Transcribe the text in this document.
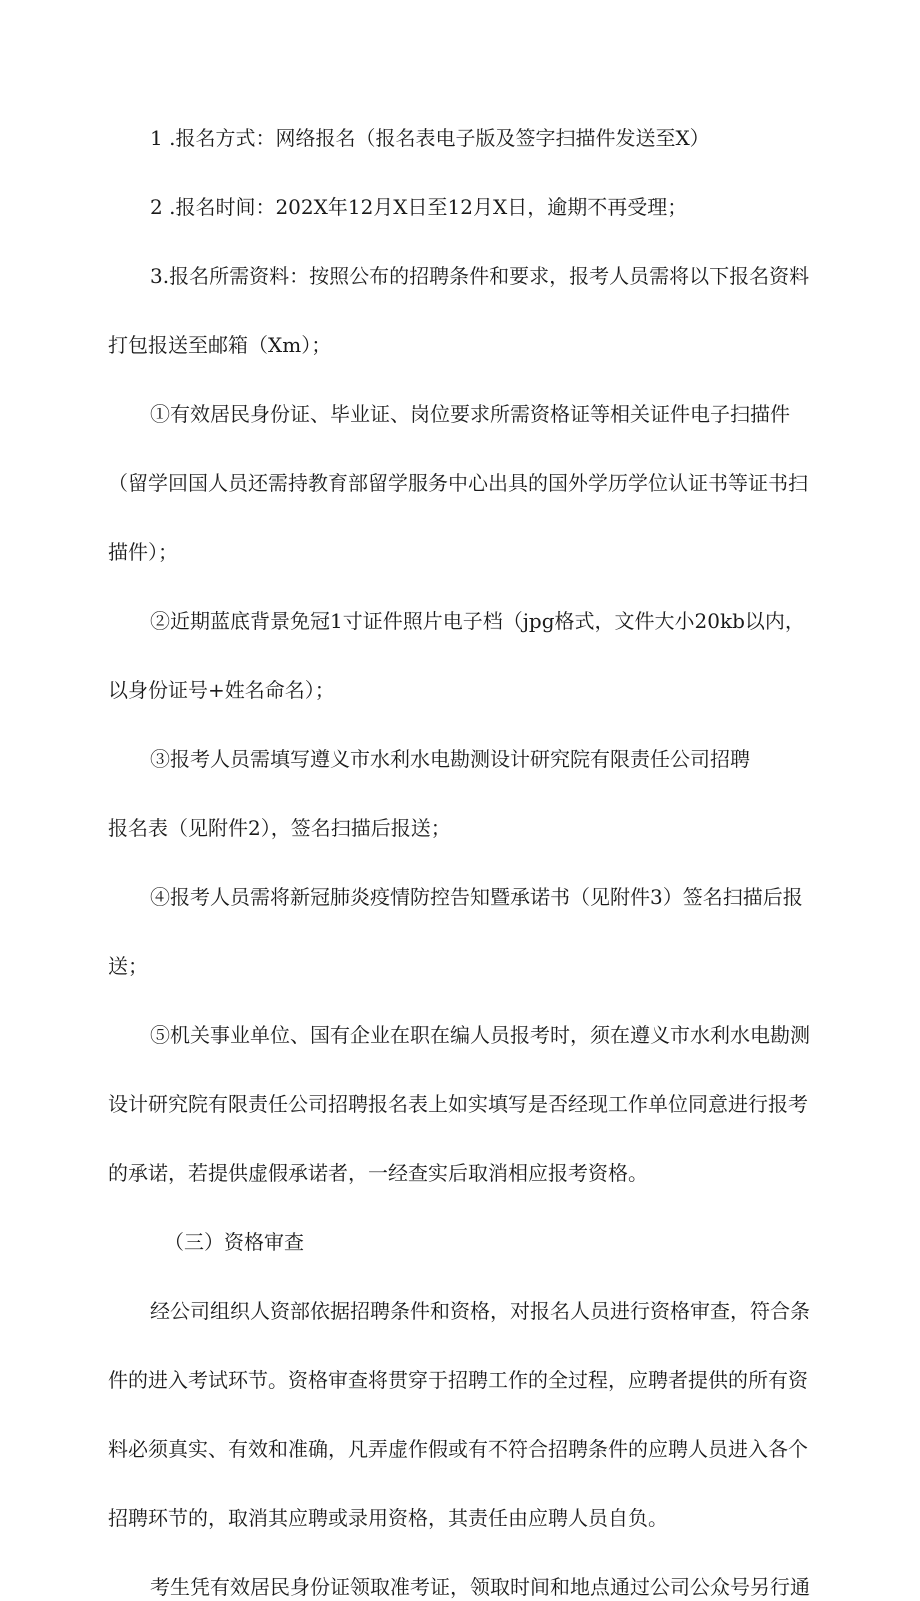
1 .报名方式：网络报名（报名表电子版及签字扫描件发送至X）

2 .报名时间：202X年12月X日至12月X日，逾期不再受理；

3.报名所需资料：按照公布的招聘条件和要求，报考人员需将以下报名资料

打包报送至邮箱（Xm）；

①有效居民身份证、毕业证、岗位要求所需资格证等相关证件电子扫描件

（留学回国人员还需持教育部留学服务中心出具的国外学历学位认证书等证书扫

描件）；

②近期蓝底背景免冠1寸证件照片电子档（jpg格式，文件大小20kb以内，

以身份证号+姓名命名）；

③报考人员需填写遵义市水利水电勘测设计研究院有限责任公司招聘

报名表（见附件2），签名扫描后报送；

④报考人员需将新冠肺炎疫情防控告知暨承诺书（见附件3）签名扫描后报

送；

⑤机关事业单位、国有企业在职在编人员报考时，须在遵义市水利水电勘测

设计研究院有限责任公司招聘报名表上如实填写是否经现工作单位同意进行报考

的承诺，若提供虚假承诺者，一经查实后取消相应报考资格。

（三）资格审查

经公司组织人资部依据招聘条件和资格，对报名人员进行资格审查，符合条

件的进入考试环节。资格审查将贯穿于招聘工作的全过程，应聘者提供的所有资

料必须真实、有效和准确，凡弄虚作假或有不符合招聘条件的应聘人员进入各个

招聘环节的，取消其应聘或录用资格，其责任由应聘人员自负。

考生凭有效居民身份证领取准考证，领取时间和地点通过公司公众号另行通
